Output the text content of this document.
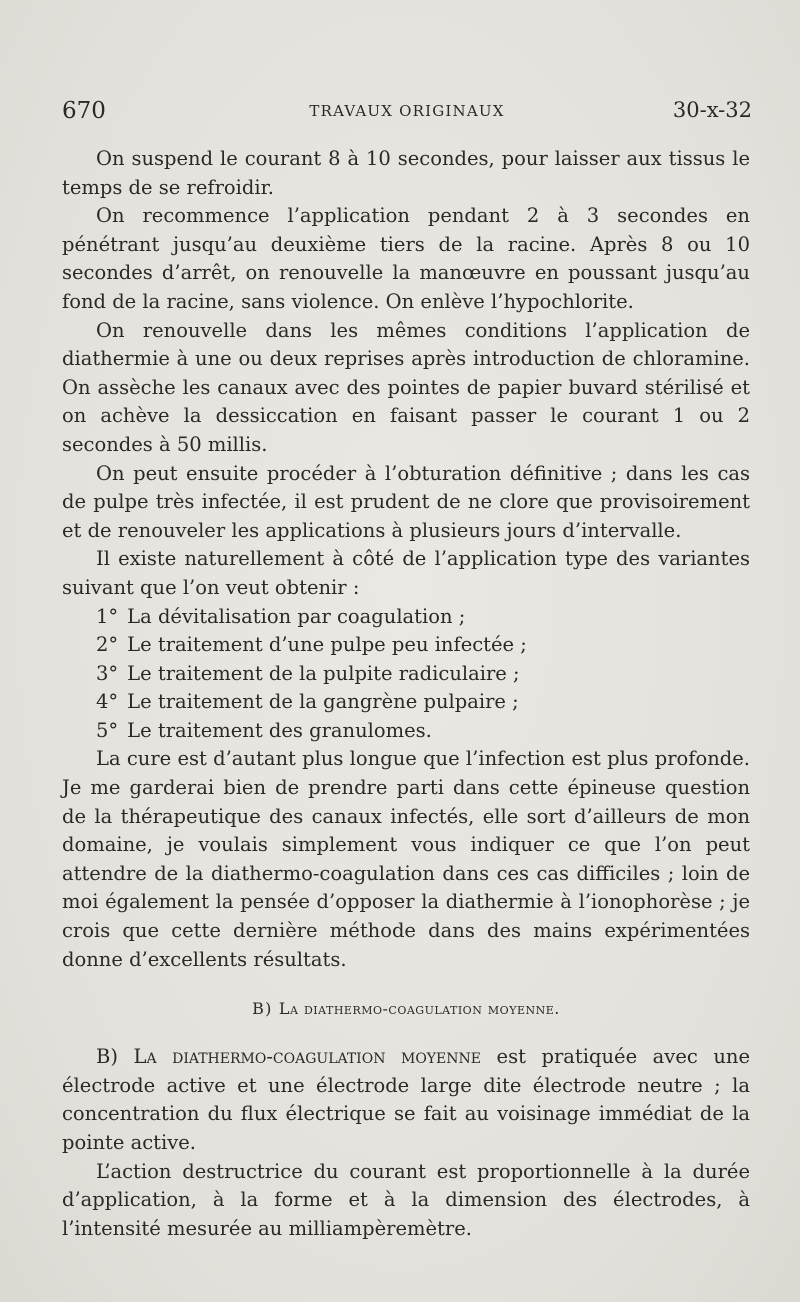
670	TRAVAUX ORIGINAUX	30-x-32

On suspend le courant 8 à 10 secondes, pour laisser aux tissus le temps de se refroidir.

On recommence l’application pendant 2 à 3 secondes en pénétrant jusqu’au deuxième tiers de la racine. Après 8 ou 10 secondes d’arrêt, on renouvelle la manœuvre en poussant jusqu’au fond de la racine, sans violence. On enlève l’hypochlorite.

On renouvelle dans les mêmes conditions l’application de diathermie à une ou deux reprises après introduction de chloramine. On assèche les canaux avec des pointes de papier buvard stérilisé et on achève la dessiccation en faisant passer le courant 1 ou 2 secondes à 50 millis.

On peut ensuite procéder à l’obturation définitive ; dans les cas de pulpe très infectée, il est prudent de ne clore que provisoirement et de renouveler les applications à plusieurs jours d’intervalle.

Il existe naturellement à côté de l’application type des variantes suivant que l’on veut obtenir :

1° La dévitalisation par coagulation ;
2° Le traitement d’une pulpe peu infectée ;
3° Le traitement de la pulpite radiculaire ;
4° Le traitement de la gangrène pulpaire ;
5° Le traitement des granulomes.

La cure est d’autant plus longue que l’infection est plus profonde. Je me garderai bien de prendre parti dans cette épineuse question de la thérapeutique des canaux infectés, elle sort d’ailleurs de mon domaine, je voulais simplement vous indiquer ce que l’on peut attendre de la diathermo-coagulation dans ces cas difficiles ; loin de moi également la pensée d’opposer la diathermie à l’ionophorèse ; je crois que cette dernière méthode dans des mains expérimentées donne d’excellents résultats.

B) La diathermo-coagulation moyenne.

B) La diathermo-coagulation moyenne est pratiquée avec une électrode active et une électrode large dite électrode neutre ; la concentration du flux électrique se fait au voisinage immédiat de la pointe active.

L’action destructrice du courant est proportionnelle à la durée d’application, à la forme et à la dimension des électrodes, à l’intensité mesurée au milliampèremètre.
